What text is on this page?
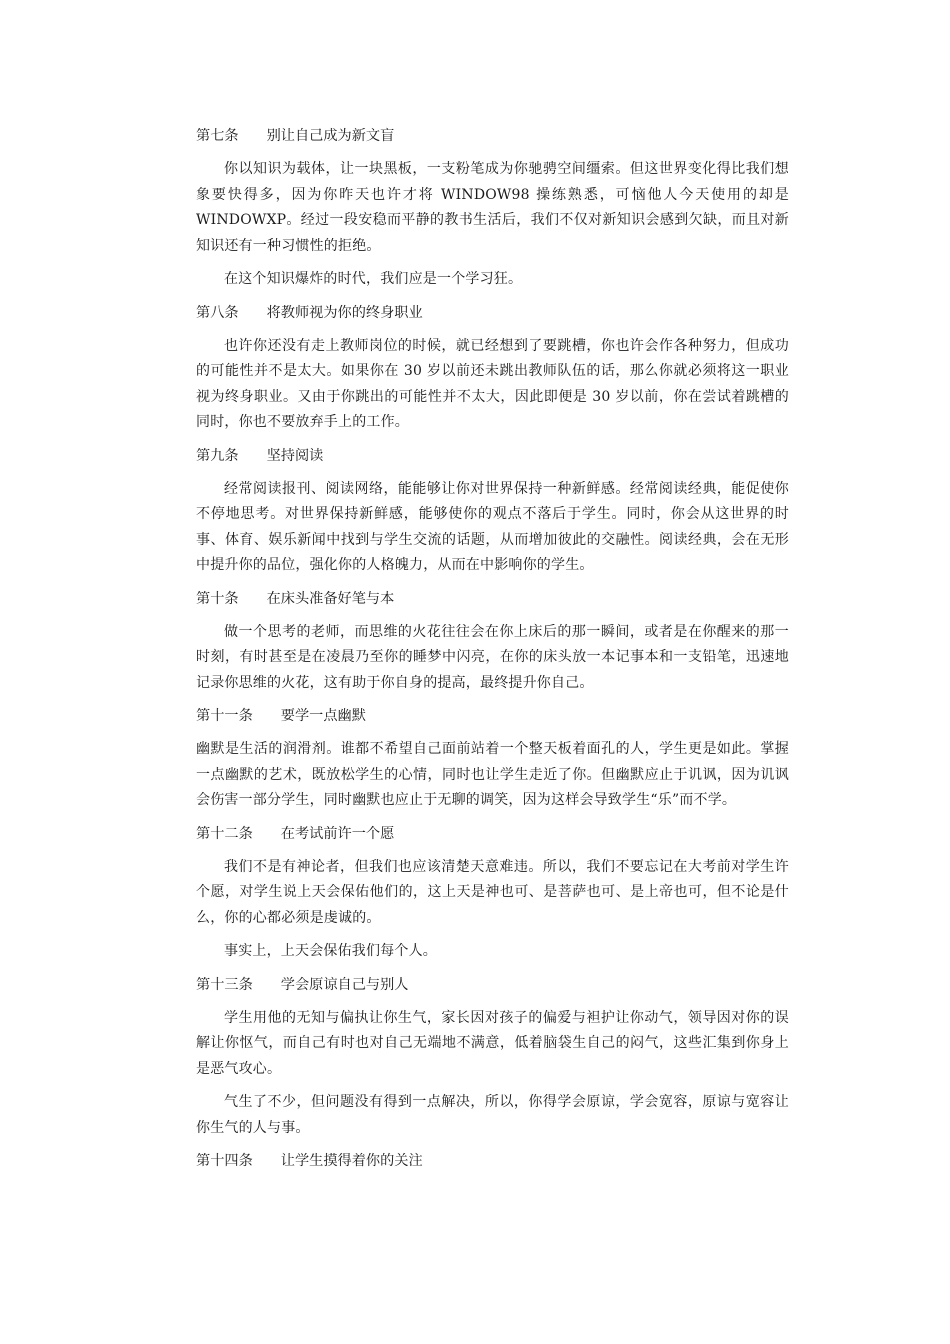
第七条 别让自己成为新文盲

你以知识为载体，让一块黑板，一支粉笔成为你驰骋空间缰索。但这世界变化得比我们想象要快得多，因为你昨天也许才将 WINDOW98 操练熟悉，可恼他人今天使用的却是 WINDOWXP。经过一段安稳而平静的教书生活后，我们不仅对新知识会感到欠缺，而且对新知识还有一种习惯性的拒绝。

在这个知识爆炸的时代，我们应是一个学习狂。

第八条 将教师视为你的终身职业

也许你还没有走上教师岗位的时候，就已经想到了要跳槽，你也许会作各种努力，但成功的可能性并不是太大。如果你在 30 岁以前还未跳出教师队伍的话，那么你就必须将这一职业视为终身职业。又由于你跳出的可能性并不太大，因此即便是 30 岁以前，你在尝试着跳槽的同时，你也不要放弃手上的工作。

第九条 坚持阅读

经常阅读报刊、阅读网络，能能够让你对世界保持一种新鲜感。经常阅读经典，能促使你不停地思考。对世界保持新鲜感，能够使你的观点不落后于学生。同时，你会从这世界的时事、体育、娱乐新闻中找到与学生交流的话题，从而增加彼此的交融性。阅读经典，会在无形中提升你的品位，强化你的人格魄力，从而在中影响你的学生。

第十条 在床头准备好笔与本

做一个思考的老师，而思维的火花往往会在你上床后的那一瞬间，或者是在你醒来的那一时刻，有时甚至是在凌晨乃至你的睡梦中闪亮，在你的床头放一本记事本和一支铅笔，迅速地记录你思维的火花，这有助于你自身的提高，最终提升你自己。

第十一条 要学一点幽默

幽默是生活的润滑剂。谁都不希望自己面前站着一个整天板着面孔的人，学生更是如此。掌握一点幽默的艺术，既放松学生的心情，同时也让学生走近了你。但幽默应止于讥讽，因为讥讽会伤害一部分学生，同时幽默也应止于无聊的调笑，因为这样会导致学生“乐”而不学。

第十二条 在考试前许一个愿

我们不是有神论者，但我们也应该清楚天意难违。所以，我们不要忘记在大考前对学生许个愿，对学生说上天会保佑他们的，这上天是神也可、是菩萨也可、是上帝也可，但不论是什么，你的心都必须是虔诚的。

事实上，上天会保佑我们每个人。

第十三条 学会原谅自己与别人

学生用他的无知与偏执让你生气，家长因对孩子的偏爱与袒护让你动气，领导因对你的误解让你怄气，而自己有时也对自己无端地不满意，低着脑袋生自己的闷气，这些汇集到你身上是恶气攻心。

气生了不少，但问题没有得到一点解决，所以，你得学会原谅，学会宽容，原谅与宽容让你生气的人与事。

第十四条 让学生摸得着你的关注
